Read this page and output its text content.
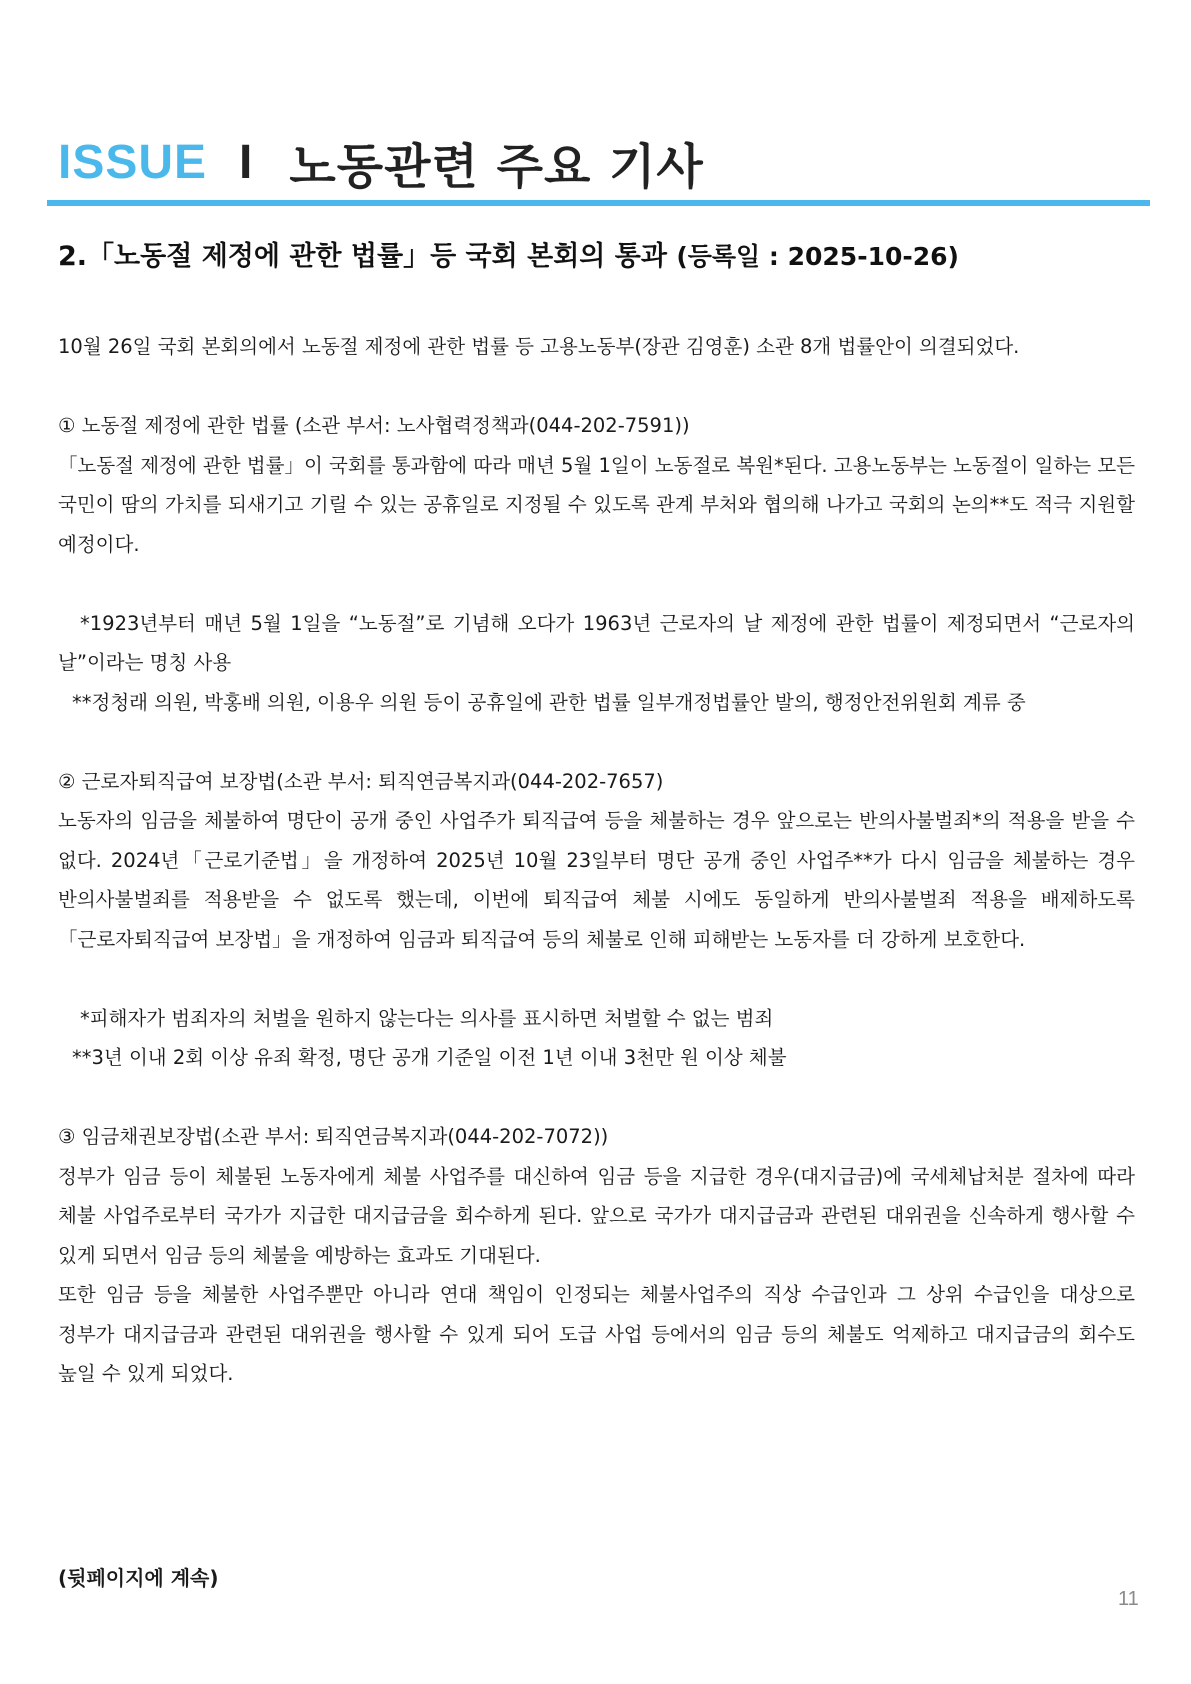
ISSUE I 노동관련 주요 기사
2.「노동절 제정에 관한 법률」등 국회 본회의 통과 (등록일 : 2025-10-26)

10월 26일 국회 본회의에서 노동절 제정에 관한 법률 등 고용노동부(장관 김영훈) 소관 8개 법률안이 의결되었다.

① 노동절 제정에 관한 법률 (소관 부서: 노사협력정책과(044-202-7591))

「노동절 제정에 관한 법률」이 국회를 통과함에 따라 매년 5월 1일이 노동절로 복원*된다. 고용노동부는 노동절이 일하는 모든 국민이 땀의 가치를 되새기고 기릴 수 있는 공휴일로 지정될 수 있도록 관계 부처와 협의해 나가고 국회의 논의**도 적극 지원할 예정이다.

*1923년부터 매년 5월 1일을 “노동절”로 기념해 오다가 1963년 근로자의 날 제정에 관한 법률이 제정되면서 “근로자의 날”이라는 명칭 사용

**정청래 의원, 박홍배 의원, 이용우 의원 등이 공휴일에 관한 법률 일부개정법률안 발의, 행정안전위원회 계류 중

② 근로자퇴직급여 보장법(소관 부서: 퇴직연금복지과(044-202-7657)

노동자의 임금을 체불하여 명단이 공개 중인 사업주가 퇴직급여 등을 체불하는 경우 앞으로는 반의사불벌죄*의 적용을 받을 수 없다. 2024년「근로기준법」을 개정하여 2025년 10월 23일부터 명단 공개 중인 사업주**가 다시 임금을 체불하는 경우 반의사불벌죄를 적용받을 수 없도록 했는데, 이번에 퇴직급여 체불 시에도 동일하게 반의사불벌죄 적용을 배제하도록「근로자퇴직급여 보장법」을 개정하여 임금과 퇴직급여 등의 체불로 인해 피해받는 노동자를 더 강하게 보호한다.

*피해자가 범죄자의 처벌을 원하지 않는다는 의사를 표시하면 처벌할 수 없는 범죄

**3년 이내 2회 이상 유죄 확정, 명단 공개 기준일 이전 1년 이내 3천만 원 이상 체불

③ 임금채권보장법(소관 부서: 퇴직연금복지과(044-202-7072))

정부가 임금 등이 체불된 노동자에게 체불 사업주를 대신하여 임금 등을 지급한 경우(대지급금)에 국세체납처분 절차에 따라 체불 사업주로부터 국가가 지급한 대지급금을 회수하게 된다. 앞으로 국가가 대지급금과 관련된 대위권을 신속하게 행사할 수 있게 되면서 임금 등의 체불을 예방하는 효과도 기대된다.

또한 임금 등을 체불한 사업주뿐만 아니라 연대 책임이 인정되는 체불사업주의 직상 수급인과 그 상위 수급인을 대상으로 정부가 대지급금과 관련된 대위권을 행사할 수 있게 되어 도급 사업 등에서의 임금 등의 체불도 억제하고 대지급금의 회수도 높일 수 있게 되었다.

(뒷페이지에 계속)
11
